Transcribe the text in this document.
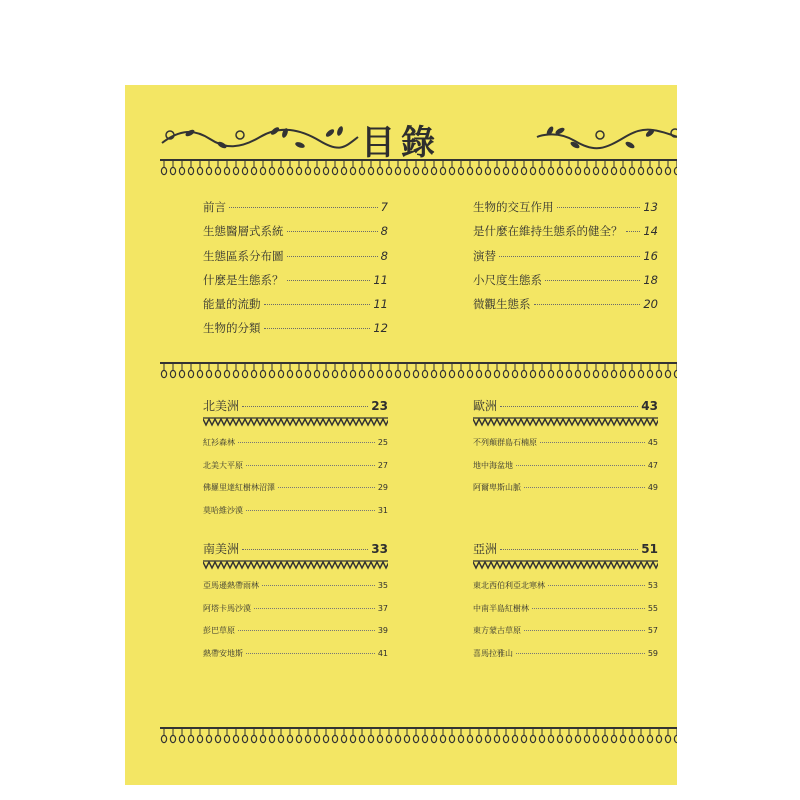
目錄
前言	7
生態醫層式系統	8
生態區系分布圖	8
什麼是生態系？	11
能量的流動	11
生物的分類	12
生物的交互作用	13
是什麼在維持生態系的健全？ 14
演替	16
小尺度生態系	18
微觀生態系	20
北美洲	23
紅衫森林	25
北美大平原	27
佛羅里達紅樹林沼澤	29
莫哈維沙漠	31
歐洲	43
不列顛群島石楠原	45
地中海盆地	47
阿爾卑斯山脈	49
南美洲	33
亞馬遜熱帶雨林	35
阿塔卡馬沙漠	37
彭巴草原	39
熱帶安地斯	41
亞洲	51
東北西伯利亞北寒林	53
中南半島紅樹林	55
東方蒙古草原	57
喜馬拉雅山	59
